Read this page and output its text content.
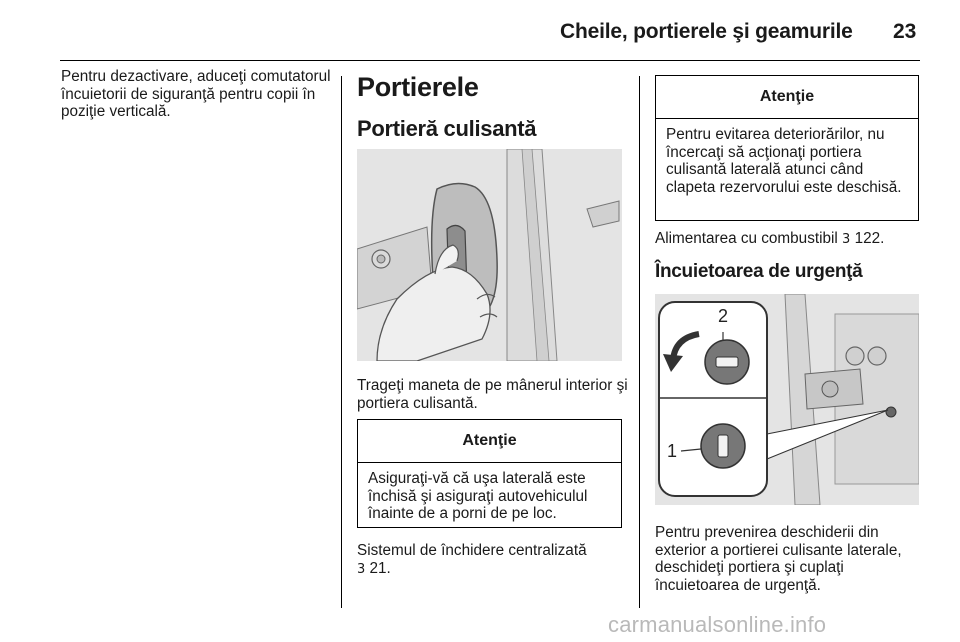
Cheile, portierele şi geamurile 23

Pentru dezactivare, aduceţi comutatorul încuietorii de siguranţă pentru copii în poziţie verticală.

Portierele
Portieră culisantă

Trageţi maneta de pe mânerul interior şi portiera culisantă.

Atenţie

Asiguraţi-vă că uşa laterală este închisă şi asiguraţi autovehiculul înainte de a porni de pe loc.

Sistemul de închidere centralizată
3 21.

Atenţie

Pentru evitarea deteriorărilor, nu încercaţi să acţionaţi portiera culisantă laterală atunci când clapeta rezervorului este deschisă.

Alimentarea cu combustibil 3 122.

Încuietoarea de urgenţă
2
1

Pentru prevenirea deschiderii din exterior a portierei culisante laterale, deschideţi portiera şi cuplaţi încuietoarea de urgenţă.

carmanualsonline.info
